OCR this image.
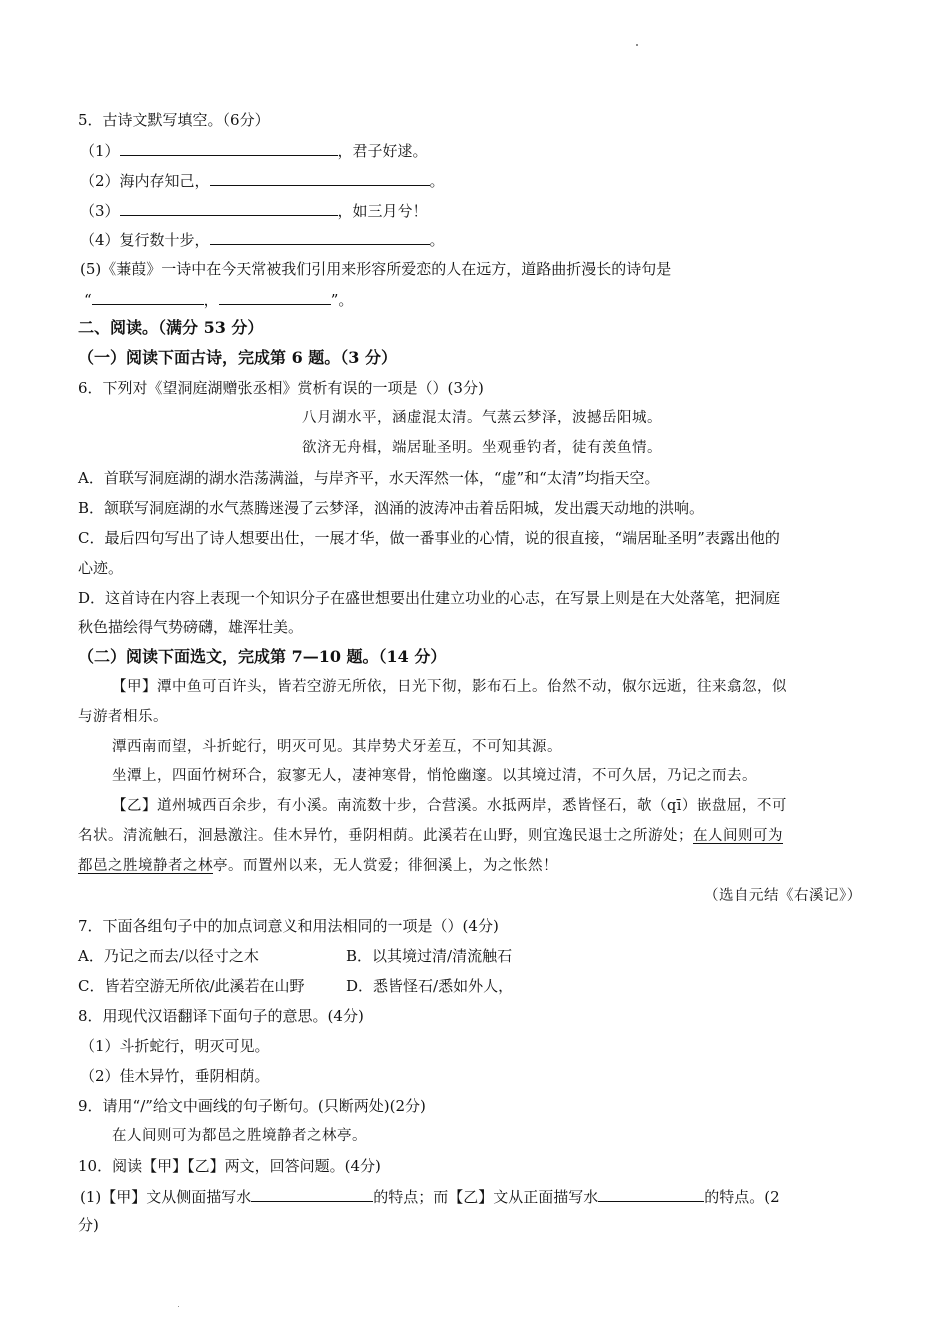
5．古诗文默写填空。（6分）
（1）	，君子好逑。
（2）海内存知己，	。
（3）	，如三月兮！
（4）复行数十步，	。
(5)《蒹葭》一诗中在今天常被我们引用来形容所爱恋的人在远方，道路曲折漫长的诗句是
“	，	”。
二、阅读。（满分 53 分）
（一）阅读下面古诗，完成第 6 题。（3 分）
6．下列对《望洞庭湖赠张丞相》赏析有误的一项是（）(3分)
八月湖水平，涵虚混太清。气蒸云梦泽，波撼岳阳城。
欲济无舟楫，端居耻圣明。坐观垂钓者，徒有羡鱼情。
A．首联写洞庭湖的湖水浩荡满溢，与岸齐平，水天浑然一体，“虚”和“太清”均指天空。
B．颔联写洞庭湖的水气蒸腾迷漫了云梦泽，汹涌的波涛冲击着岳阳城，发出震天动地的洪响。
C．最后四句写出了诗人想要出仕，一展才华，做一番事业的心情，说的很直接，“端居耻圣明”表露出他的
心迹。
D．这首诗在内容上表现一个知识分子在盛世想要出仕建立功业的心志，在写景上则是在大处落笔，把洞庭
秋色描绘得气势磅礴，雄浑壮美。
（二）阅读下面选文，完成第 7—10 题。（14 分）
【甲】潭中鱼可百许头，皆若空游无所依，日光下彻，影布石上。佁然不动，俶尔远逝，往来翕忽，似
与游者相乐。
潭西南而望，斗折蛇行，明灭可见。其岸势犬牙差互，不可知其源。
坐潭上，四面竹树环合，寂寥无人，凄神寒骨，悄怆幽邃。以其境过清，不可久居，乃记之而去。
【乙】道州城西百余步，有小溪。南流数十步，合营溪。水抵两岸，悉皆怪石，欹（qī）嵌盘屈，不可
名状。清流触石，洄悬激注。佳木异竹，垂阴相荫。此溪若在山野，则宜逸民退士之所游处；在人间则可为
都邑之胜境静者之林亭。而置州以来，无人赏爱；徘徊溪上，为之怅然！
（选自元结《右溪记》）
7．下面各组句子中的加点词意义和用法相同的一项是（）(4分)
A．乃记之而去/以径寸之木	B．以其境过清/清流触石
C．皆若空游无所依/此溪若在山野	D．悉皆怪石/悉如外人，
8．用现代汉语翻译下面句子的意思。(4分)
（1）斗折蛇行，明灭可见。
（2）佳木异竹，垂阴相荫。
9．请用“/”给文中画线的句子断句。(只断两处)(2分)
在人间则可为都邑之胜境静者之林亭。
10．阅读【甲】【乙】两文，回答问题。(4分)
(1)【甲】文从侧面描写水	的特点；而【乙】文从正面描写水	的特点。(2
分)
